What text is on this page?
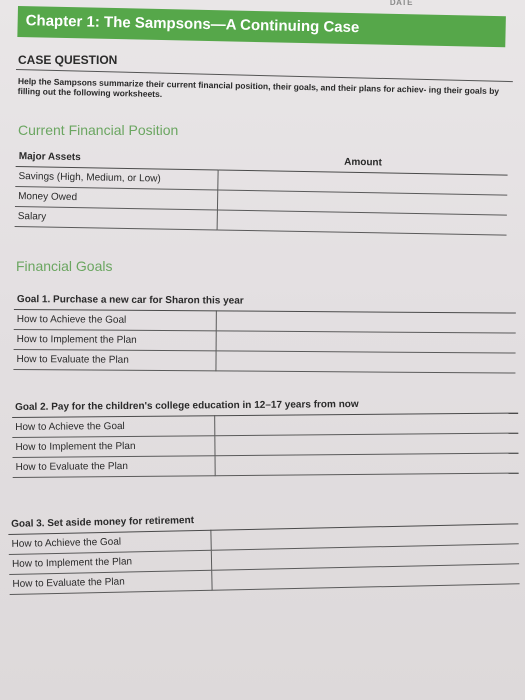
DATE
Chapter 1: The Sampsons—A Continuing Case
CASE QUESTION
Help the Sampsons summarize their current financial position, their goals, and their plans for achiev- ing their goals by filling out the following worksheets.
Current Financial Position
Major Assets	Amount
Savings (High, Medium, or Low)	
Money Owed	
Salary	
Financial Goals
Goal 1. Purchase a new car for Sharon this year	
How to Achieve the Goal	
How to Implement the Plan	
How to Evaluate the Plan	
Goal 2. Pay for the children's college education in 12–17 years from now	
How to Achieve the Goal	
How to Implement the Plan	
How to Evaluate the Plan	
Goal 3. Set aside money for retirement	
How to Achieve the Goal	
How to Implement the Plan	
How to Evaluate the Plan	
